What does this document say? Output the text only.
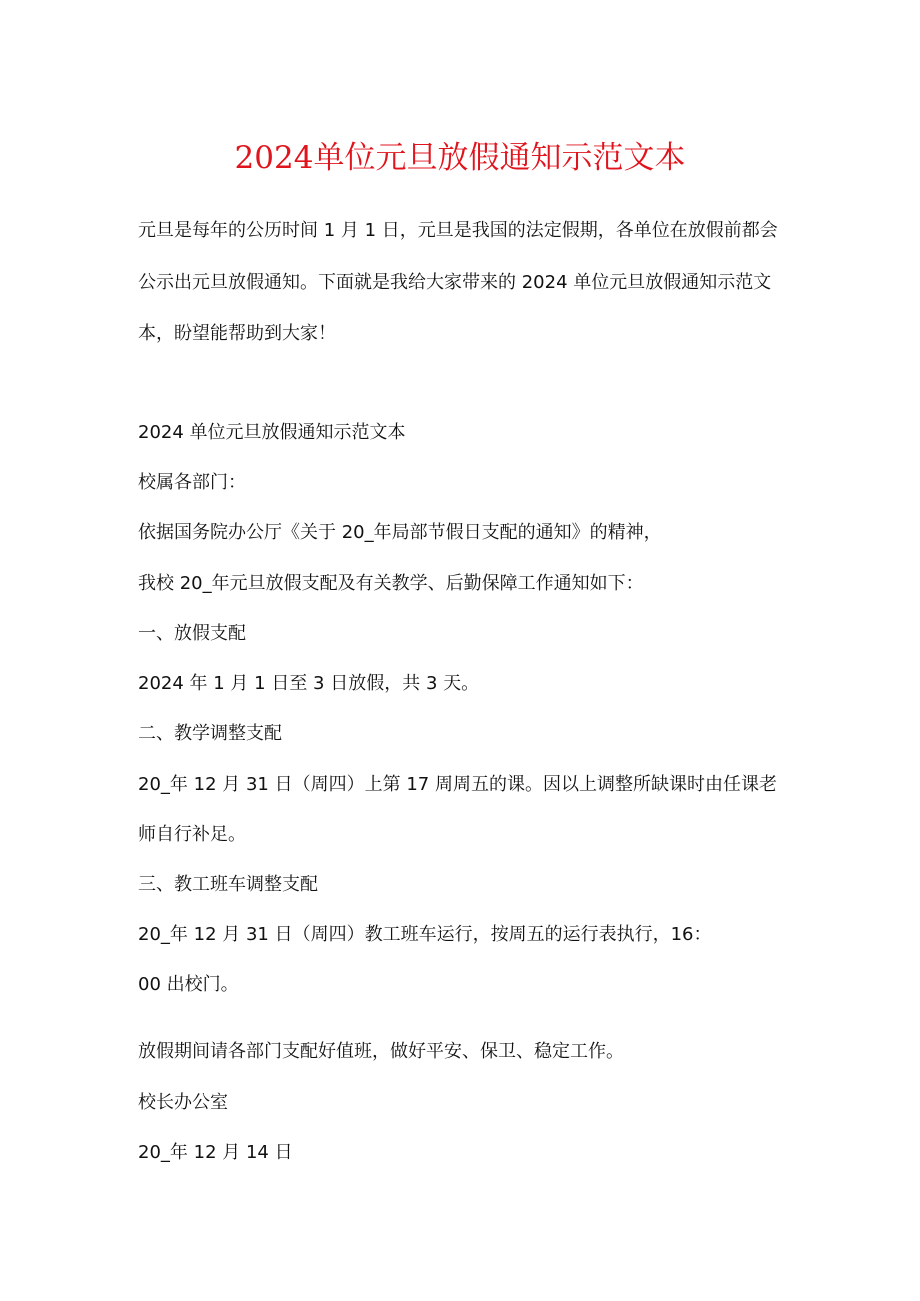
2024单位元旦放假通知示范文本
元旦是每年的公历时间 1 月 1 日，元旦是我国的法定假期，各单位在放假前都会
公示出元旦放假通知。下面就是我给大家带来的 2024 单位元旦放假通知示范文
本，盼望能帮助到大家！
2024 单位元旦放假通知示范文本
校属各部门：
依据国务院办公厅《关于 20_年局部节假日支配的通知》的精神，
我校 20_年元旦放假支配及有关教学、后勤保障工作通知如下：
一、放假支配
2024 年 1 月 1 日至 3 日放假，共 3 天。
二、教学调整支配
20_年 12 月 31 日（周四）上第 17 周周五的课。因以上调整所缺课时由任课老
师自行补足。
三、教工班车调整支配
20_年 12 月 31 日（周四）教工班车运行，按周五的运行表执行，16：
00 出校门。
放假期间请各部门支配好值班，做好平安、保卫、稳定工作。
校长办公室
20_年 12 月 14 日
